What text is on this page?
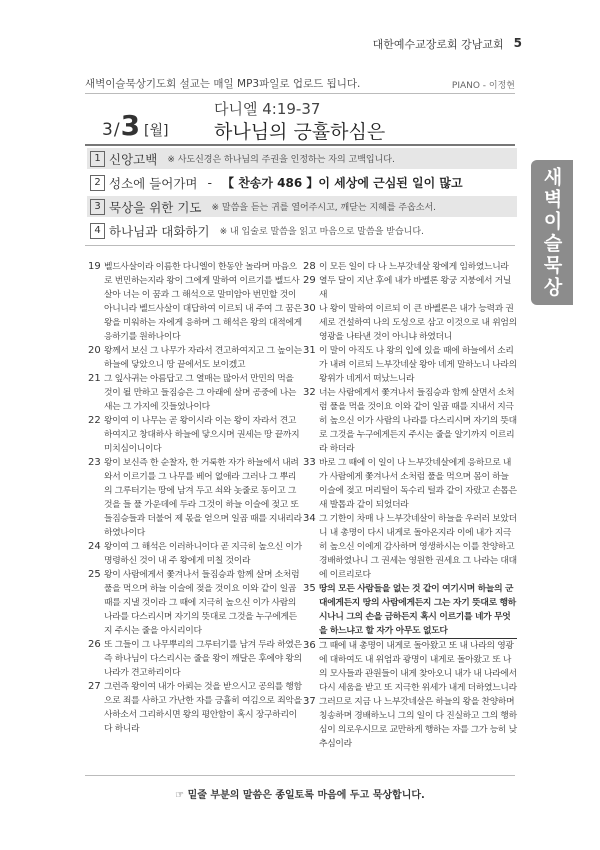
대한예수교장로회 강남교회 5
새벽이슬묵상기도회 설교는 매일 MP3파일로 업로드 됩니다.	PIANO - 이정현
3 / 3 [월]
다니엘 4:19-37
하나님의 긍휼하심은
1 신앙고백 ※ 사도신경은 하나님의 주권을 인정하는 자의 고백입니다.
2 성소에 들어가며 - 【 찬송가 486 】이 세상에 근심된 일이 많고
3 묵상을 위한 기도 ※ 말씀을 듣는 귀를 열어주시고, 깨닫는 지혜를 주옵소서.
4 하나님과 대화하기 ※ 내 입술로 말씀을 읽고 마음으로 말씀을 받습니다.	새벽이슬묵상
19 벨드사살이라 이름한 다니엘이 한동안 놀라며 마음으로 번민하는지라 왕이 그에게 말하여 이르기를 벨드사살아 너는 이 꿈과 그 해석으로 말미암아 번민할 것이 아니니라 벨드사살이 대답하여 이르되 내 주여 그 꿈은 왕을 미워하는 자에게 응하며 그 해석은 왕의 대적에게 응하기를 원하나이다
20 왕께서 보신 그 나무가 자라서 견고하여지고 그 높이는 하늘에 닿았으니 땅 끝에서도 보이겠고
21 그 잎사귀는 아름답고 그 열매는 많아서 만민의 먹을 것이 될 만하고 들짐승은 그 아래에 살며 공중에 나는 새는 그 가지에 깃들었나이다
22 왕이여 이 나무는 곧 왕이시라 이는 왕이 자라서 견고하여지고 창대하사 하늘에 닿으시며 권세는 땅 끝까지 미치심이니이다
23 왕이 보신즉 한 순찰자, 한 거룩한 자가 하늘에서 내려와서 이르기를 그 나무를 베어 없애라 그러나 그 뿌리의 그루터기는 땅에 남겨 두고 쇠와 놋줄로 동이고 그것을 들 풀 가운데에 두라 그것이 하늘 이슬에 젖고 또 들짐승들과 더불어 제 몫을 얻으며 일곱 때를 지내리라 하였나이다
24 왕이여 그 해석은 이러하니이다 곧 지극히 높으신 이가 명령하신 것이 내 주 왕에게 미칠 것이라
25 왕이 사람에게서 쫓겨나서 들짐승과 함께 살며 소처럼 풀을 먹으며 하늘 이슬에 젖을 것이요 이와 같이 일곱 때를 지낼 것이라 그 때에 지극히 높으신 이가 사람의 나라를 다스리시며 자기의 뜻대로 그것을 누구에게든지 주시는 줄을 아시리이다
26 또 그들이 그 나무뿌리의 그루터기를 남겨 두라 하였은즉 하나님이 다스리시는 줄을 왕이 깨달은 후에야 왕의 나라가 견고하리이다
27 그런즉 왕이여 내가 아뢰는 것을 받으시고 공의를 행함으로 죄를 사하고 가난한 자를 긍휼히 여김으로 죄악을 사하소서 그리하시면 왕의 평안함이 혹시 장구하리이다 하니라
28 이 모든 일이 다 나 느부갓네살 왕에게 임하였느니라
29 열두 달이 지난 후에 내가 바벨론 왕궁 지붕에서 거닐새
30 나 왕이 말하여 이르되 이 큰 바벨론은 내가 능력과 권세로 건설하여 나의 도성으로 삼고 이것으로 내 위엄의 영광을 나타낸 것이 아니냐 하였더니
31 이 말이 아직도 나 왕의 입에 있을 때에 하늘에서 소리가 내려 이르되 느부갓네살 왕아 네게 말하노니 나라의 왕위가 네게서 떠났느니라
32 너는 사람에게서 쫓겨나서 들짐승과 함께 살면서 소처럼 풀을 먹을 것이요 이와 같이 일곱 때를 지내서 지극히 높으신 이가 사람의 나라를 다스리시며 자기의 뜻대로 그것을 누구에게든지 주시는 줄을 알기까지 이르리라 하더라
33 바로 그 때에 이 일이 나 느부갓네살에게 응하므로 내가 사람에게 쫓겨나서 소처럼 풀을 먹으며 몸이 하늘 이슬에 젖고 머리털이 독수리 털과 같이 자랐고 손톱은 새 발톱과 같이 되었더라
34 그 기한이 차매 나 느부갓네살이 하늘을 우러러 보았더니 내 총명이 다시 내게로 돌아온지라 이에 내가 지극히 높으신 이에게 감사하며 영생하시는 이를 찬양하고 경배하였나니 그 권세는 영원한 권세요 그 나라는 대대에 이르리로다
35 땅의 모든 사람들을 없는 것 같이 여기시며 하늘의 군대에게든지 땅의 사람에게든지 그는 자기 뜻대로 행하시나니 그의 손을 금하든지 혹시 이르기를 네가 무엇을 하느냐고 할 자가 아무도 없도다
36 그 때에 내 총명이 내게로 돌아왔고 또 내 나라의 영광에 대하여도 내 위엄과 광명이 내게로 돌아왔고 또 나의 모사들과 관원들이 내게 찾아오니 내가 내 나라에서 다시 세움을 받고 또 지극한 위세가 내게 더하였느니라
37 그러므로 지금 나 느부갓네살은 하늘의 왕을 찬양하며 칭송하며 경배하노니 그의 일이 다 진실하고 그의 행하심이 의로우시므로 교만하게 행하는 자를 그가 능히 낮추심이라
☞ 밑줄 부분의 말씀은 종일토록 마음에 두고 묵상합니다.
